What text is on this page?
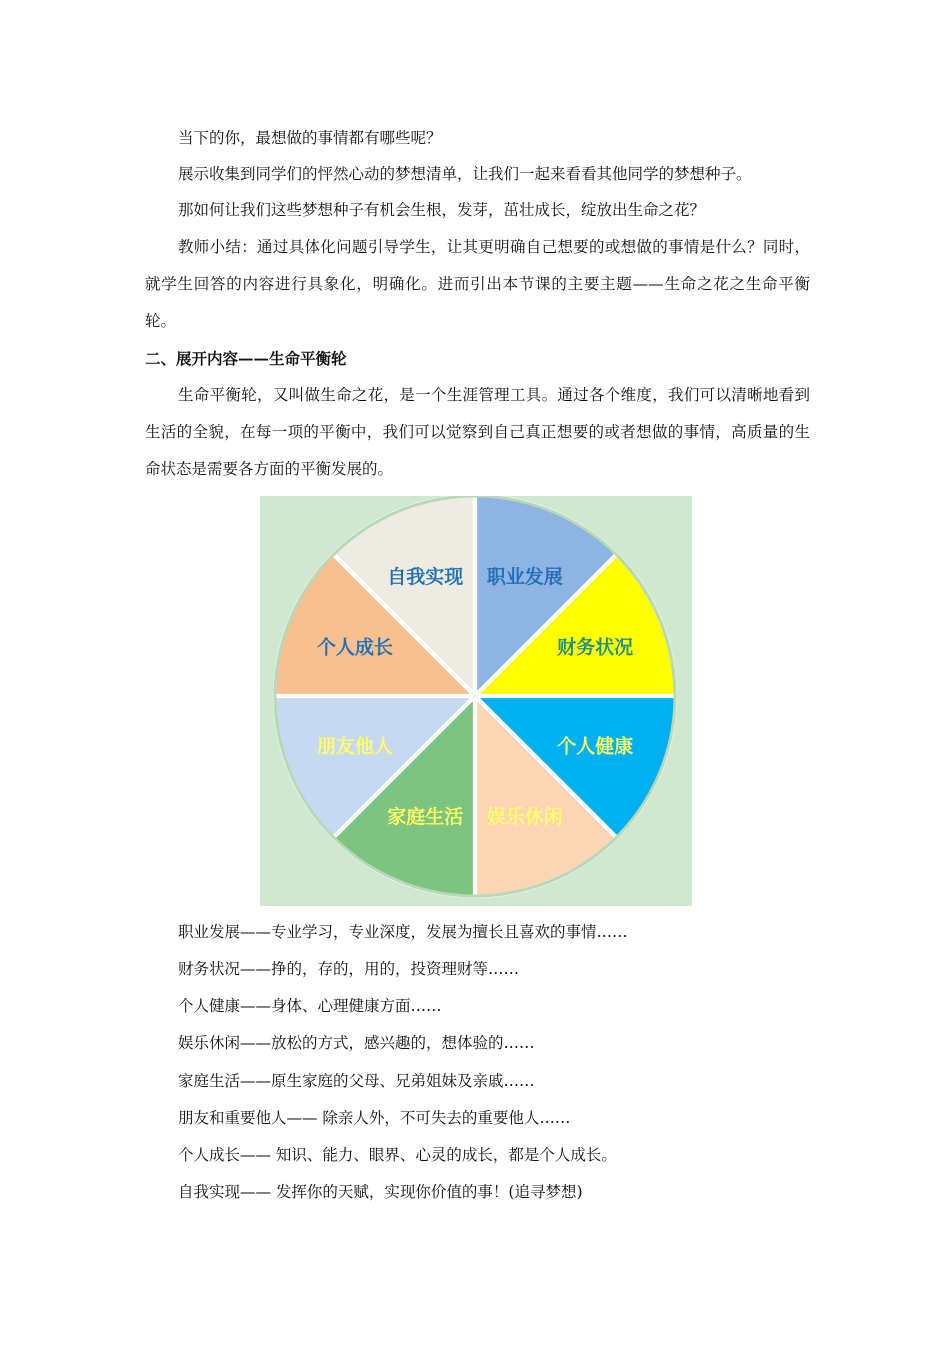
当下的你，最想做的事情都有哪些呢？

展示收集到同学们的怦然心动的梦想清单，让我们一起来看看其他同学的梦想种子。

那如何让我们这些梦想种子有机会生根，发芽，茁壮成长，绽放出生命之花？

教师小结：通过具体化问题引导学生，让其更明确自己想要的或想做的事情是什么？同时，就学生回答的内容进行具象化，明确化。进而引出本节课的主要主题——生命之花之生命平衡轮。

二、展开内容——生命平衡轮

生命平衡轮，又叫做生命之花，是一个生涯管理工具。通过各个维度，我们可以清晰地看到生活的全貌，在每一项的平衡中，我们可以觉察到自己真正想要的或者想做的事情，高质量的生命状态是需要各方面的平衡发展的。

职业发展
财务状况
个人健康
娱乐休闲
家庭生活
朋友他人
个人成长
自我实现

职业发展——专业学习，专业深度，发展为擅长且喜欢的事情……

财务状况——挣的，存的，用的，投资理财等……

个人健康——身体、心理健康方面……

娱乐休闲——放松的方式，感兴趣的，想体验的……

家庭生活——原生家庭的父母、兄弟姐妹及亲戚……

朋友和重要他人—— 除亲人外，不可失去的重要他人……

个人成长—— 知识、能力、眼界、心灵的成长，都是个人成长。

自我实现—— 发挥你的天赋，实现你价值的事！(追寻梦想)
